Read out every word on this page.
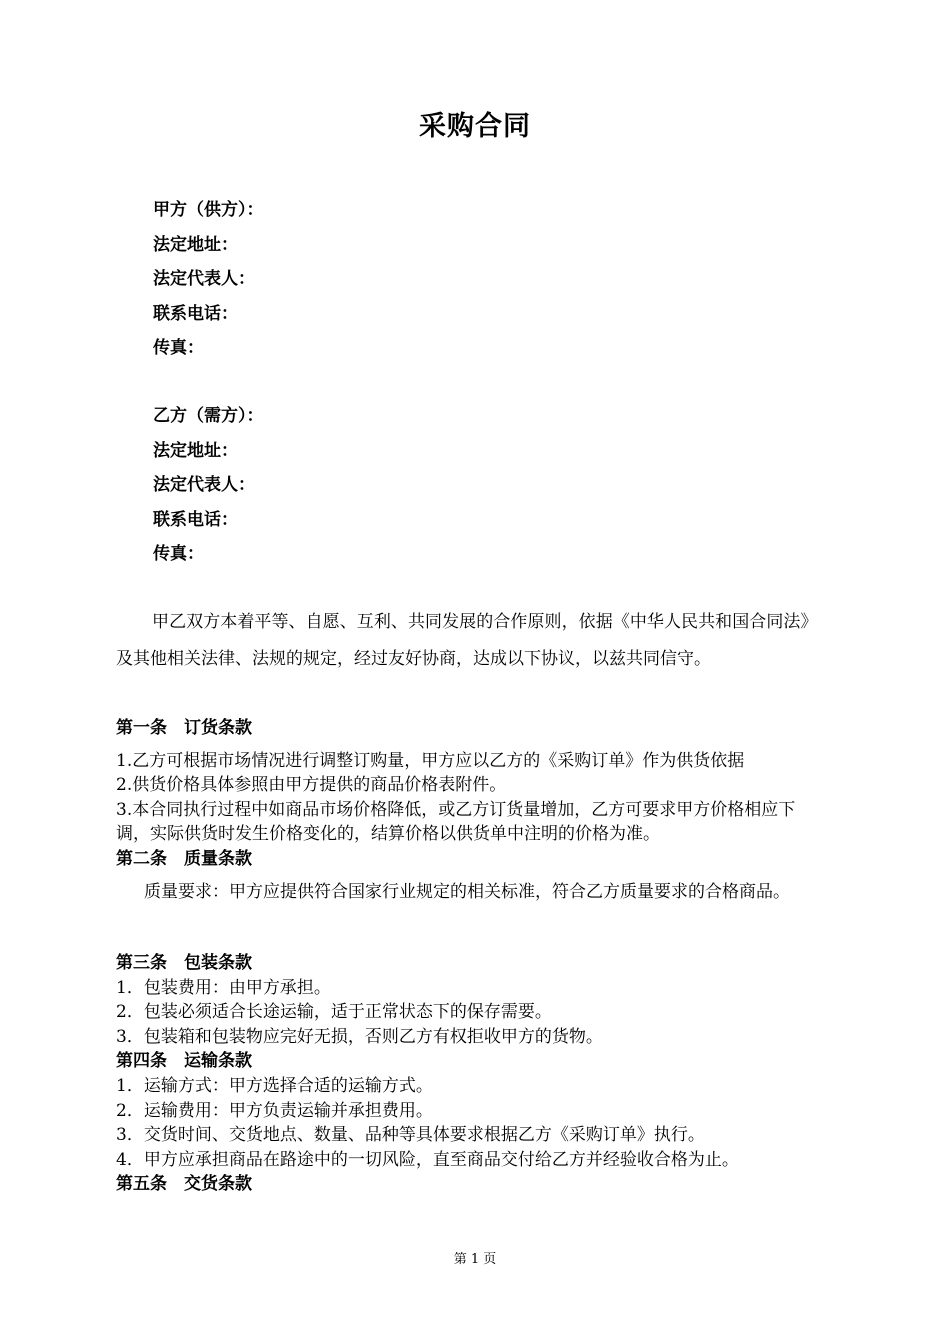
采购合同
甲方（供方）：
法定地址：
法定代表人：
联系电话：
传真：
乙方（需方）：
法定地址：
法定代表人：
联系电话：
传真：
甲乙双方本着平等、自愿、互利、共同发展的合作原则，依据《中华人民共和国合同法》及其他相关法律、法规的规定，经过友好协商，达成以下协议，以兹共同信守。
第一条　订货条款
1.乙方可根据市场情况进行调整订购量，甲方应以乙方的《采购订单》作为供货依据
2.供货价格具体参照由甲方提供的商品价格表附件。
3.本合同执行过程中如商品市场价格降低，或乙方订货量增加，乙方可要求甲方价格相应下调，实际供货时发生价格变化的，结算价格以供货单中注明的价格为准。
第二条　质量条款
质量要求：甲方应提供符合国家行业规定的相关标准，符合乙方质量要求的合格商品。
第三条　包装条款
1．包装费用：由甲方承担。
2．包装必须适合长途运输，适于正常状态下的保存需要。
3．包装箱和包装物应完好无损，否则乙方有权拒收甲方的货物。
第四条　运输条款
1．运输方式：甲方选择合适的运输方式。
2．运输费用：甲方负责运输并承担费用。
3．交货时间、交货地点、数量、品种等具体要求根据乙方《采购订单》执行。
4．甲方应承担商品在路途中的一切风险，直至商品交付给乙方并经验收合格为止。
第五条　交货条款
第 1 页
